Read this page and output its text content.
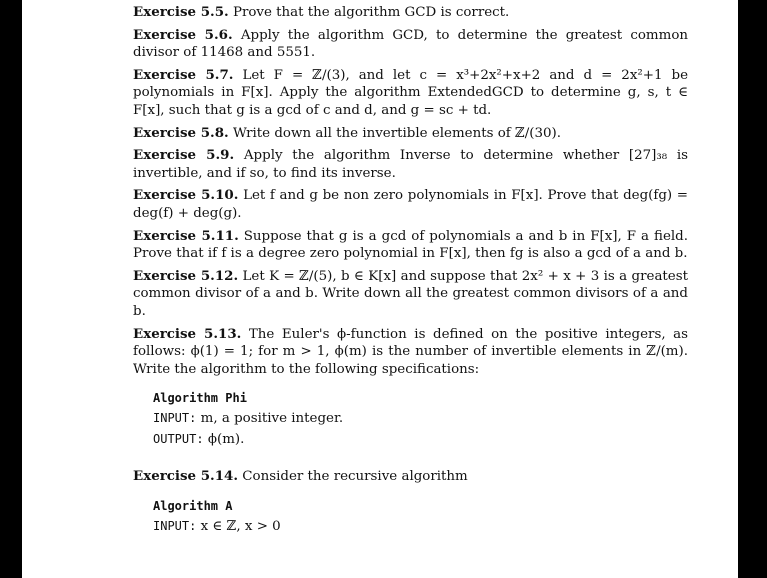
Exercise 5.5. Prove that the algorithm GCD is correct.

Exercise 5.6. Apply the algorithm GCD, to determine the greatest common divisor of 11468 and 5551.

Exercise 5.7. Let F = ℤ/(3), and let c = x³+2x²+x+2 and d = 2x²+1 be polynomials in F[x]. Apply the algorithm ExtendedGCD to determine g, s, t ∈ F[x], such that g is a gcd of c and d, and g = sc + td.

Exercise 5.8. Write down all the invertible elements of ℤ/(30).

Exercise 5.9. Apply the algorithm Inverse to determine whether [27]₃₈ is invertible, and if so, to find its inverse.

Exercise 5.10. Let f and g be non zero polynomials in F[x]. Prove that deg(fg) = deg(f) + deg(g).

Exercise 5.11. Suppose that g is a gcd of polynomials a and b in F[x], F a field. Prove that if f is a degree zero polynomial in F[x], then fg is also a gcd of a and b.

Exercise 5.12. Let K = ℤ/(5), b ∈ K[x] and suppose that 2x² + x + 3 is a greatest common divisor of a and b. Write down all the greatest common divisors of a and b.

Exercise 5.13. The Euler's ϕ-function is defined on the positive integers, as follows: ϕ(1) = 1; for m > 1, ϕ(m) is the number of invertible elements in ℤ/(m). Write the algorithm to the following specifications:

Algorithm Phi
INPUT: m, a positive integer.
OUTPUT: ϕ(m).

Exercise 5.14. Consider the recursive algorithm

Algorithm A
INPUT: x ∈ ℤ, x > 0
